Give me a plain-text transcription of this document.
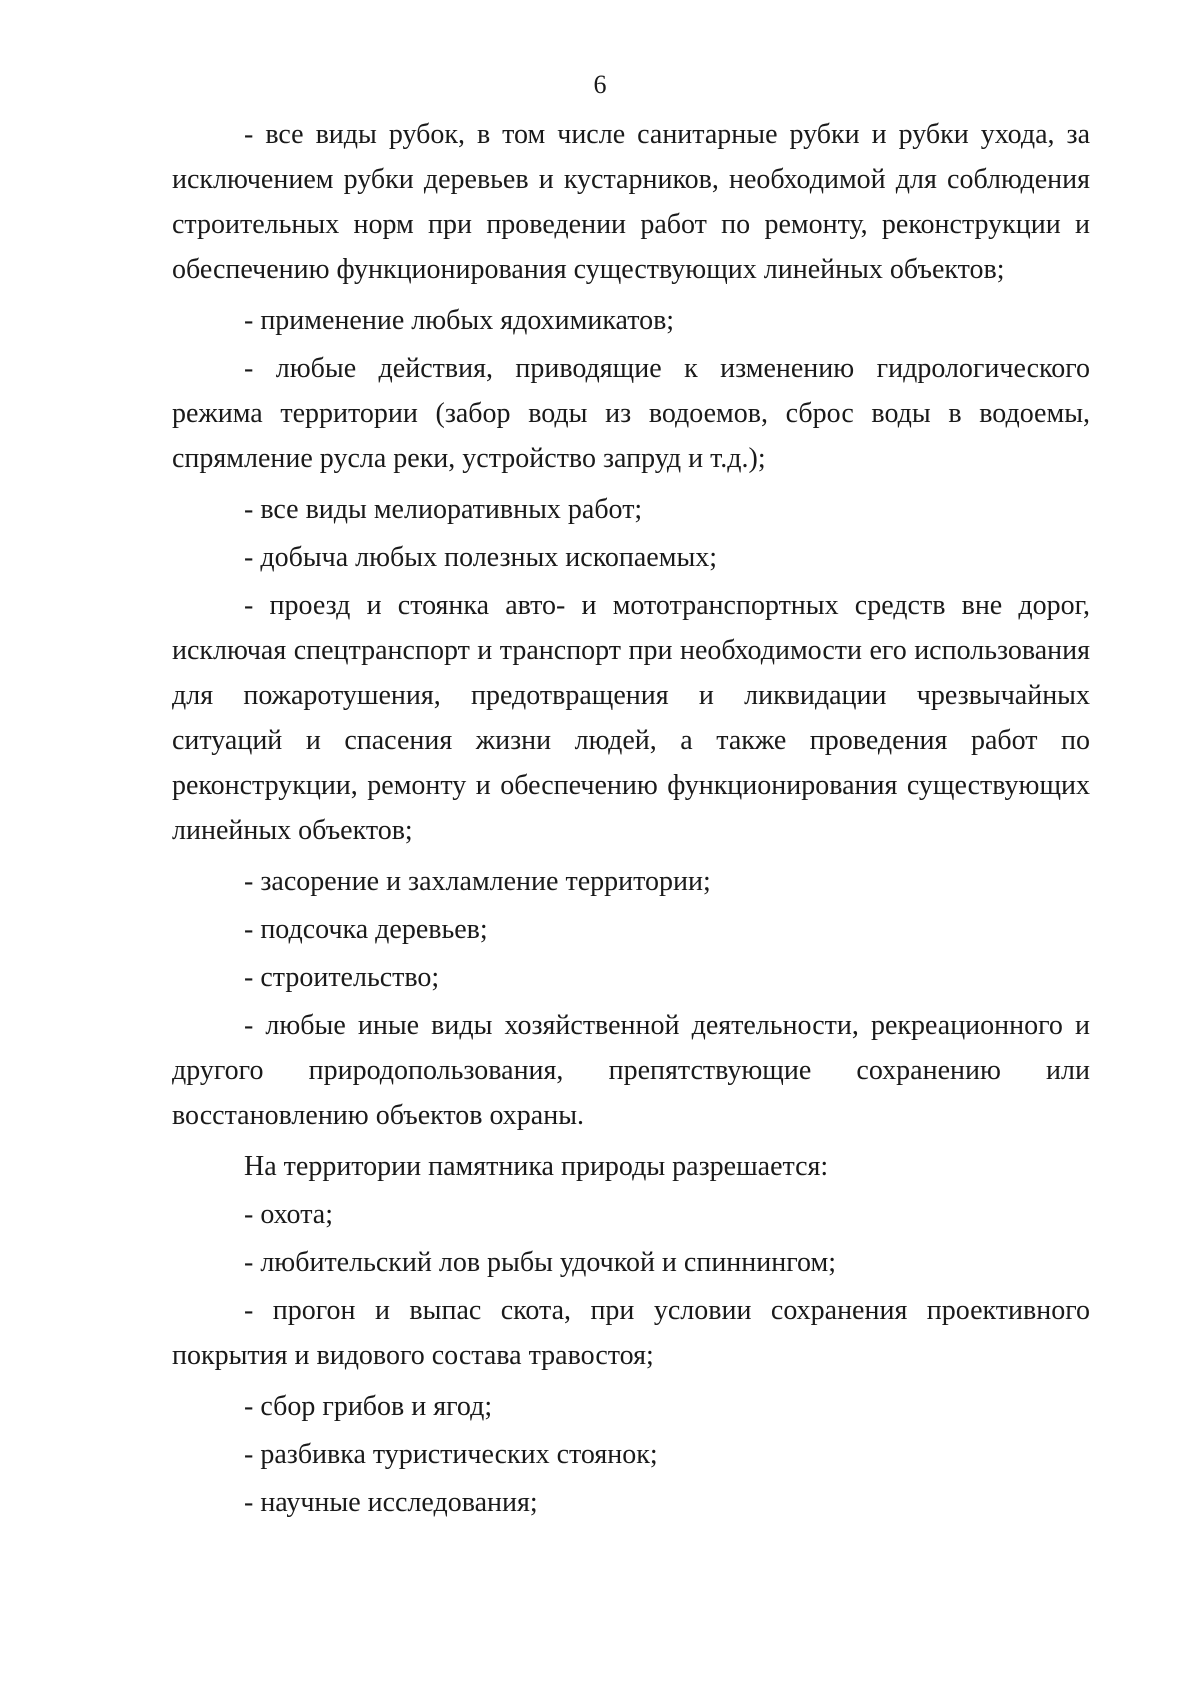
6

- все виды рубок, в том числе санитарные рубки и рубки ухода, за исключением рубки деревьев и кустарников, необходимой для соблюдения строительных норм при проведении работ по ремонту, реконструкции и обеспечению функционирования существующих линейных объектов;

- применение любых ядохимикатов;

- любые действия, приводящие к изменению гидрологического режима территории (забор воды из водоемов, сброс воды в водоемы, спрямление русла реки, устройство запруд и т.д.);

- все виды мелиоративных работ;

- добыча любых полезных ископаемых;

- проезд и стоянка авто- и мототранспортных средств вне дорог, исключая спецтранспорт и транспорт при необходимости его использования для пожаротушения, предотвращения и ликвидации чрезвычайных ситуаций и спасения жизни людей, а также проведения работ по реконструкции, ремонту и обеспечению функционирования существующих линейных объектов;

- засорение и захламление территории;

- подсочка деревьев;

- строительство;

- любые иные виды хозяйственной деятельности, рекреационного и другого природопользования, препятствующие сохранению или восстановлению объектов охраны.

На территории памятника природы разрешается:

- охота;

- любительский лов рыбы удочкой и спиннингом;

- прогон и выпас скота, при условии сохранения проективного покрытия и видового состава травостоя;

- сбор грибов и ягод;

- разбивка туристических стоянок;

- научные исследования;
